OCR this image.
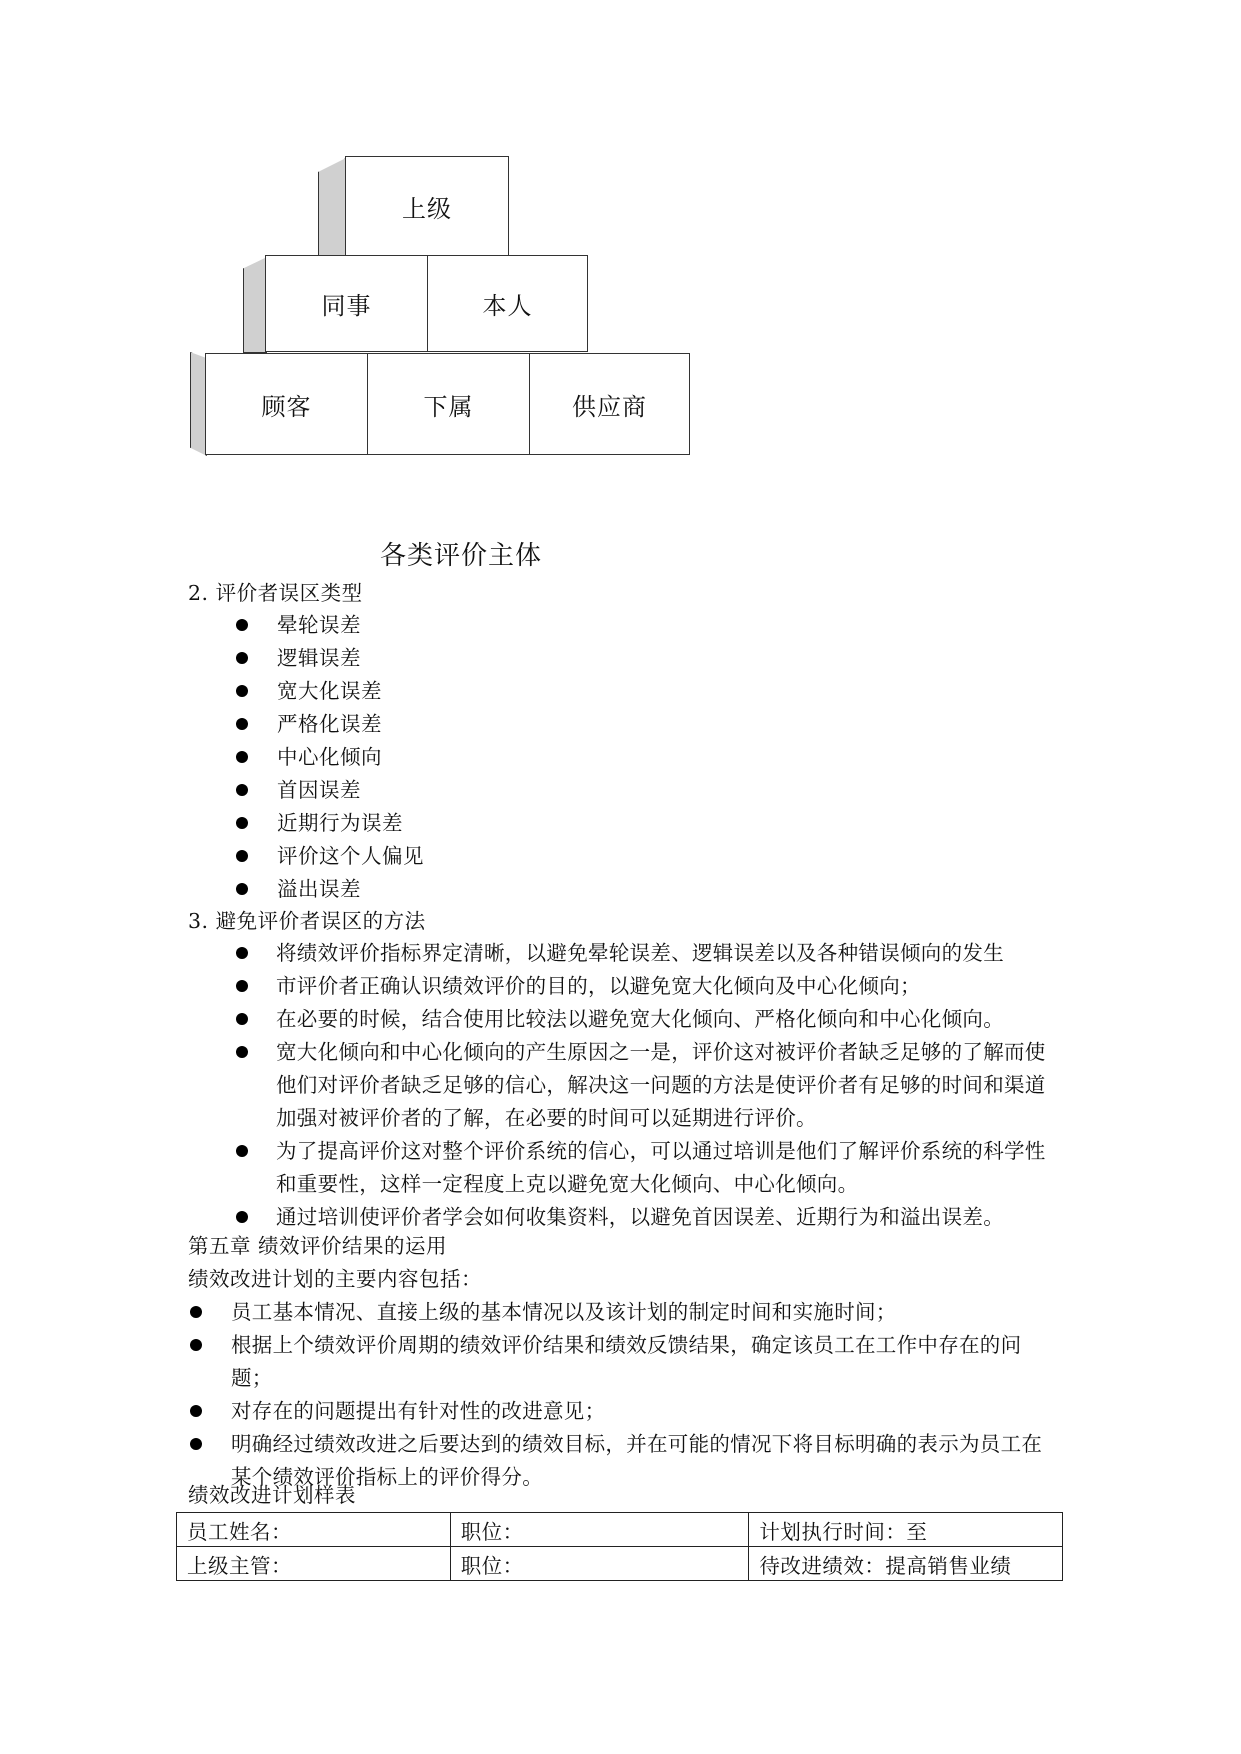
上级
同事	本人
顾客	下属	供应商
各类评价主体
2. 评价者误区类型
晕轮误差
逻辑误差
宽大化误差
严格化误差
中心化倾向
首因误差
近期行为误差
评价这个人偏见
溢出误差
3. 避免评价者误区的方法
将绩效评价指标界定清晰，以避免晕轮误差、逻辑误差以及各种错误倾向的发生
市评价者正确认识绩效评价的目的，以避免宽大化倾向及中心化倾向；
在必要的时候，结合使用比较法以避免宽大化倾向、严格化倾向和中心化倾向。
宽大化倾向和中心化倾向的产生原因之一是，评价这对被评价者缺乏足够的了解而使他们对评价者缺乏足够的信心，解决这一问题的方法是使评价者有足够的时间和渠道加强对被评价者的了解，在必要的时间可以延期进行评价。
为了提高评价这对整个评价系统的信心，可以通过培训是他们了解评价系统的科学性和重要性，这样一定程度上克以避免宽大化倾向、中心化倾向。
通过培训使评价者学会如何收集资料，以避免首因误差、近期行为和溢出误差。
第五章 绩效评价结果的运用
绩效改进计划的主要内容包括：
员工基本情况、直接上级的基本情况以及该计划的制定时间和实施时间；
根据上个绩效评价周期的绩效评价结果和绩效反馈结果，确定该员工在工作中存在的问题；
对存在的问题提出有针对性的改进意见；
明确经过绩效改进之后要达到的绩效目标，并在可能的情况下将目标明确的表示为员工在某个绩效评价指标上的评价得分。
绩效改进计划样表
员工姓名：	职位：	计划执行时间：至
上级主管：	职位：	待改进绩效：提高销售业绩
